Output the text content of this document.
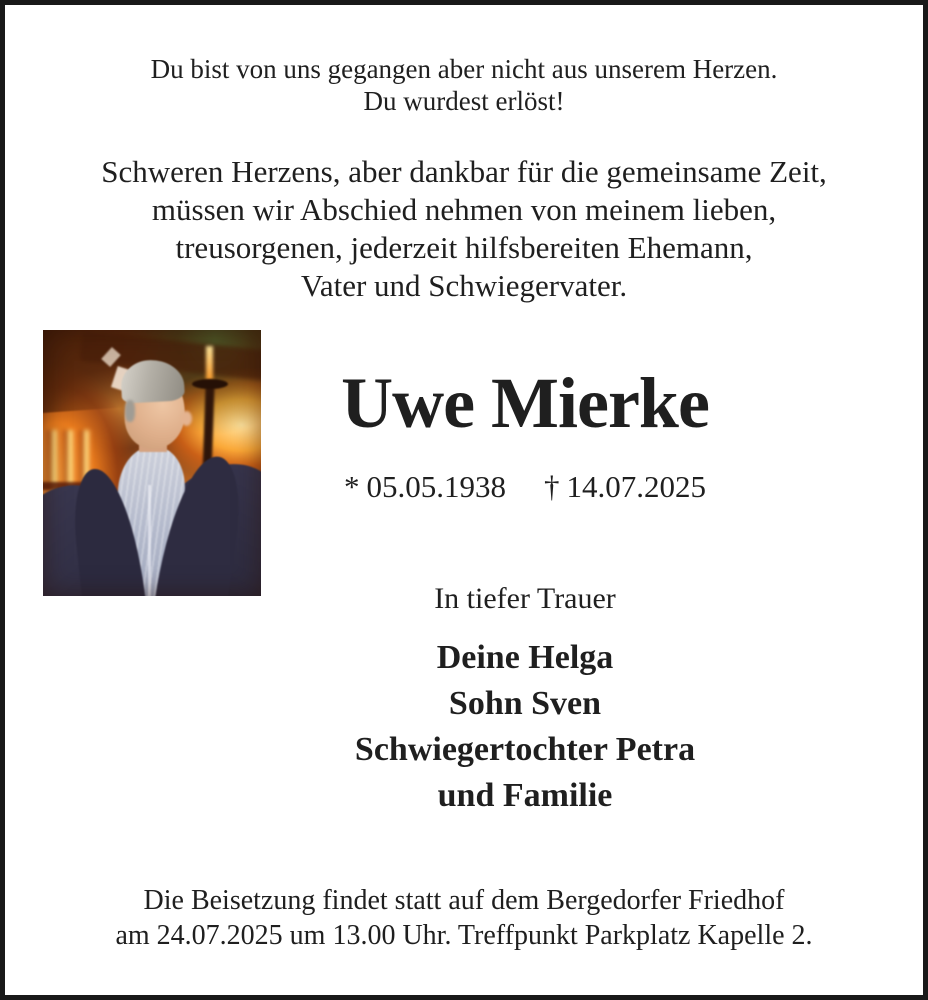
Du bist von uns gegangen aber nicht aus unserem Herzen.
Du wurdest erlöst!
Schweren Herzens, aber dankbar für die gemeinsame Zeit,
müssen wir Abschied nehmen von meinem lieben,
treusorgenen, jederzeit hilfsbereiten Ehemann,
Vater und Schwiegervater.
Uwe Mierke
* 05.05.1938 † 14.07.2025
In tiefer Trauer
Deine Helga
Sohn Sven
Schwiegertochter Petra
und Familie
Die Beisetzung findet statt auf dem Bergedorfer Friedhof
am 24.07.2025 um 13.00 Uhr. Treffpunkt Parkplatz Kapelle 2.
